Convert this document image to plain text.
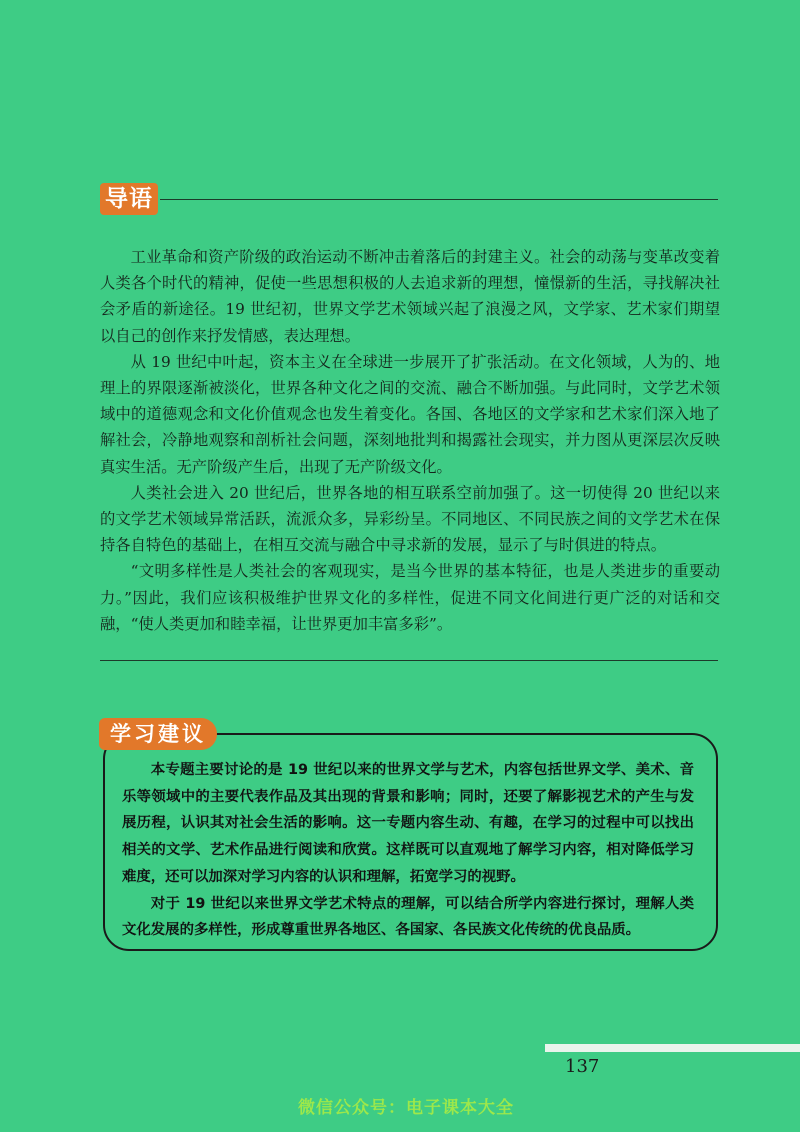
导语

工业革命和资产阶级的政治运动不断冲击着落后的封建主义。社会的动荡与变革改变着人类各个时代的精神，促使一些思想积极的人去追求新的理想，憧憬新的生活，寻找解决社会矛盾的新途径。19 世纪初，世界文学艺术领域兴起了浪漫之风，文学家、艺术家们期望以自己的创作来抒发情感，表达理想。

从 19 世纪中叶起，资本主义在全球进一步展开了扩张活动。在文化领域，人为的、地理上的界限逐渐被淡化，世界各种文化之间的交流、融合不断加强。与此同时，文学艺术领域中的道德观念和文化价值观念也发生着变化。各国、各地区的文学家和艺术家们深入地了解社会，冷静地观察和剖析社会问题，深刻地批判和揭露社会现实，并力图从更深层次反映真实生活。无产阶级产生后，出现了无产阶级文化。

人类社会进入 20 世纪后，世界各地的相互联系空前加强了。这一切使得 20 世纪以来的文学艺术领域异常活跃，流派众多，异彩纷呈。不同地区、不同民族之间的文学艺术在保持各自特色的基础上，在相互交流与融合中寻求新的发展，显示了与时俱进的特点。

“文明多样性是人类社会的客观现实，是当今世界的基本特征，也是人类进步的重要动力。”因此，我们应该积极维护世界文化的多样性，促进不同文化间进行更广泛的对话和交融，“使人类更加和睦幸福，让世界更加丰富多彩”。

学习建议

本专题主要讨论的是 19 世纪以来的世界文学与艺术，内容包括世界文学、美术、音乐等领域中的主要代表作品及其出现的背景和影响；同时，还要了解影视艺术的产生与发展历程，认识其对社会生活的影响。这一专题内容生动、有趣，在学习的过程中可以找出相关的文学、艺术作品进行阅读和欣赏。这样既可以直观地了解学习内容，相对降低学习难度，还可以加深对学习内容的认识和理解，拓宽学习的视野。

对于 19 世纪以来世界文学艺术特点的理解，可以结合所学内容进行探讨，理解人类文化发展的多样性，形成尊重世界各地区、各国家、各民族文化传统的优良品质。

137
微信公众号：电子课本大全
